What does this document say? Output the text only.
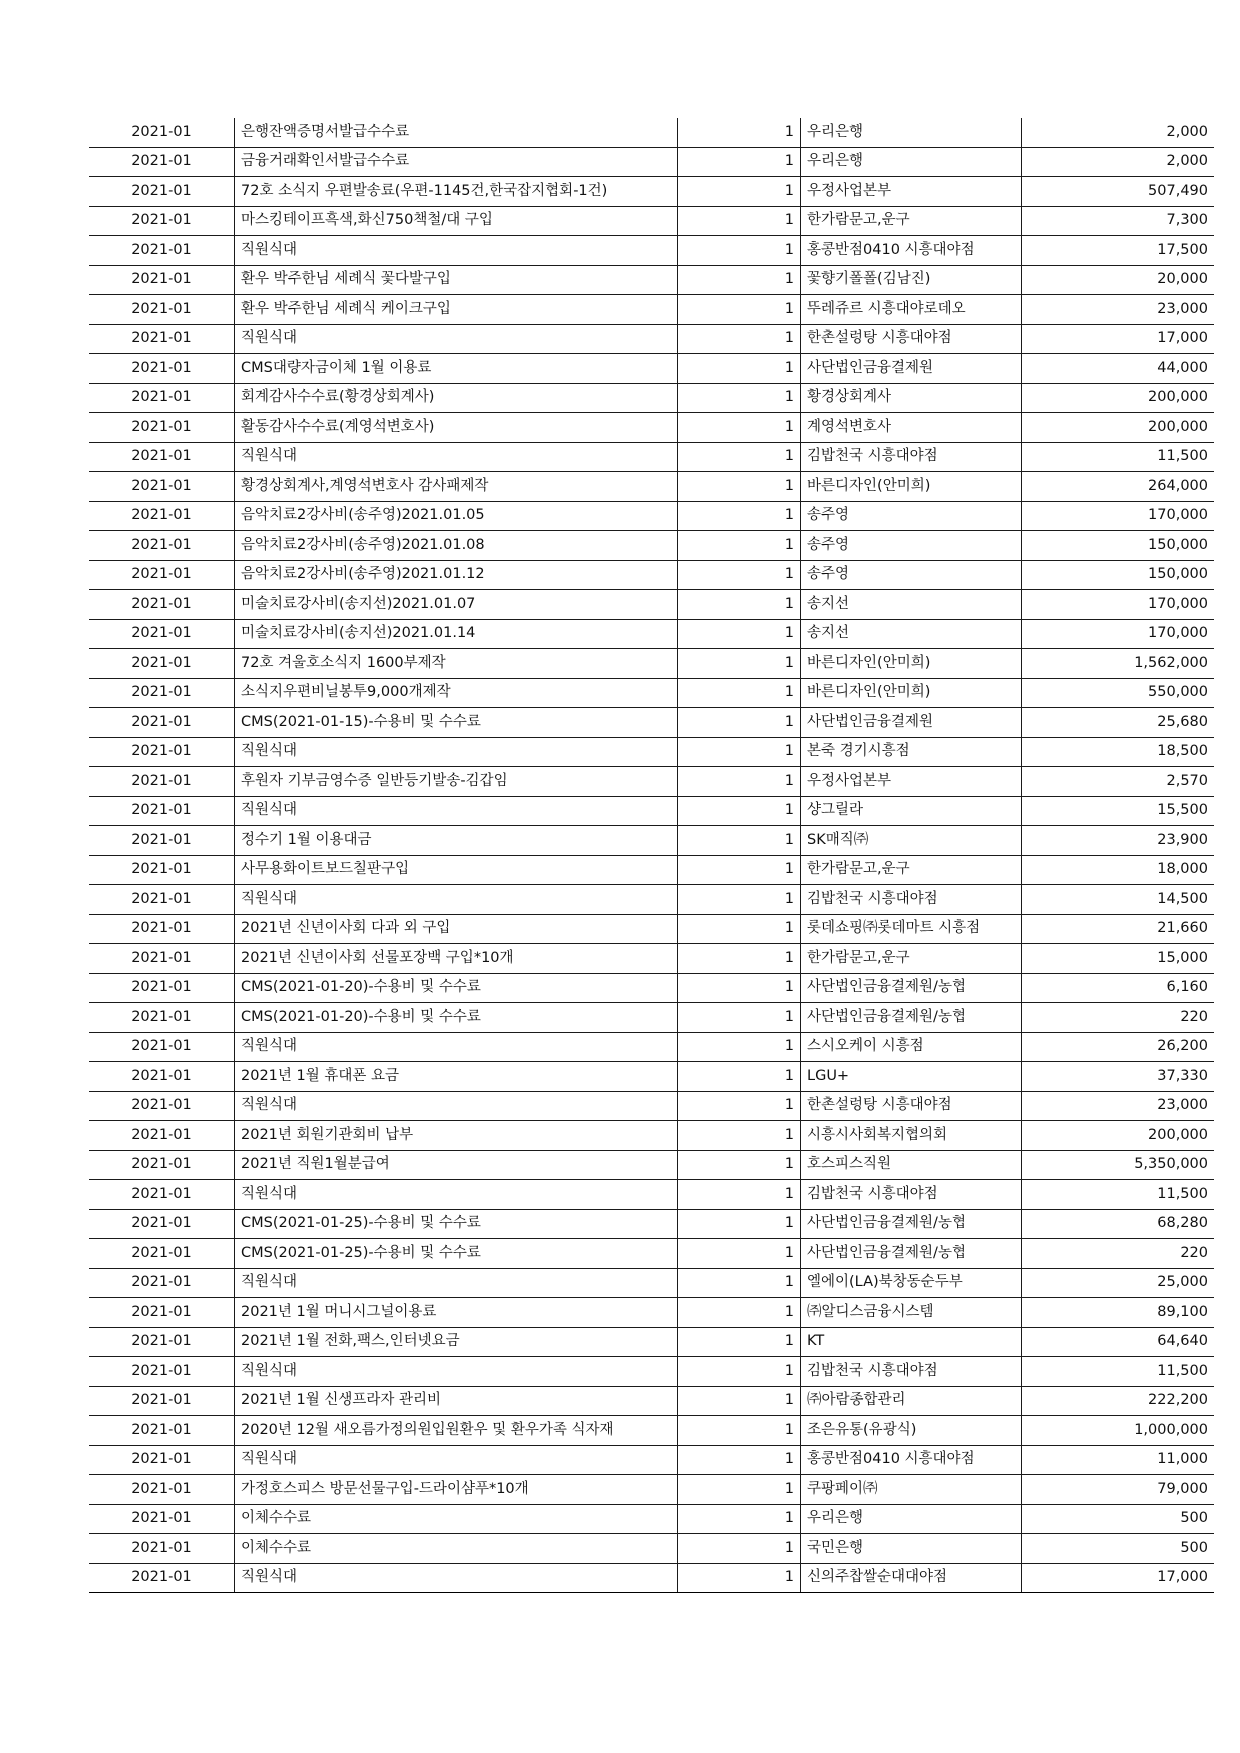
2021-01	은행잔액증명서발급수수료	1	우리은행	2,000
2021-01	금융거래확인서발급수수료	1	우리은행	2,000
2021-01	72호 소식지 우편발송료(우편-1145건,한국잡지협회-1건)	1	우정사업본부	507,490
2021-01	마스킹테이프흑색,화신750책철/대 구입	1	한가람문고,운구	7,300
2021-01	직원식대	1	홍콩반점0410 시흥대야점	17,500
2021-01	환우 박주한님 세례식 꽃다발구입	1	꽃향기폴폴(김남진)	20,000
2021-01	환우 박주한님 세례식 케이크구입	1	뚜레쥬르 시흥대야로데오	23,000
2021-01	직원식대	1	한촌설렁탕 시흥대야점	17,000
2021-01	CMS대량자금이체 1월 이용료	1	사단법인금융결제원	44,000
2021-01	회계감사수수료(황경상회계사)	1	황경상회계사	200,000
2021-01	활동감사수수료(계영석변호사)	1	계영석변호사	200,000
2021-01	직원식대	1	김밥천국 시흥대야점	11,500
2021-01	황경상회계사,계영석변호사 감사패제작	1	바른디자인(안미희)	264,000
2021-01	음악치료2강사비(송주영)2021.01.05	1	송주영	170,000
2021-01	음악치료2강사비(송주영)2021.01.08	1	송주영	150,000
2021-01	음악치료2강사비(송주영)2021.01.12	1	송주영	150,000
2021-01	미술치료강사비(송지선)2021.01.07	1	송지선	170,000
2021-01	미술치료강사비(송지선)2021.01.14	1	송지선	170,000
2021-01	72호 겨울호소식지 1600부제작	1	바른디자인(안미희)	1,562,000
2021-01	소식지우편비닐봉투9,000개제작	1	바른디자인(안미희)	550,000
2021-01	CMS(2021-01-15)-수용비 및 수수료	1	사단법인금융결제원	25,680
2021-01	직원식대	1	본죽 경기시흥점	18,500
2021-01	후원자 기부금영수증 일반등기발송-김갑임	1	우정사업본부	2,570
2021-01	직원식대	1	샹그릴라	15,500
2021-01	정수기 1월 이용대금	1	SK매직㈜	23,900
2021-01	사무용화이트보드칠판구입	1	한가람문고,운구	18,000
2021-01	직원식대	1	김밥천국 시흥대야점	14,500
2021-01	2021년 신년이사회 다과 외 구입	1	롯데쇼핑㈜롯데마트 시흥점	21,660
2021-01	2021년 신년이사회 선물포장백 구입*10개	1	한가람문고,운구	15,000
2021-01	CMS(2021-01-20)-수용비 및 수수료	1	사단법인금융결제원/농협	6,160
2021-01	CMS(2021-01-20)-수용비 및 수수료	1	사단법인금융결제원/농협	220
2021-01	직원식대	1	스시오케이 시흥점	26,200
2021-01	2021년 1월 휴대폰 요금	1	LGU+	37,330
2021-01	직원식대	1	한촌설렁탕 시흥대야점	23,000
2021-01	2021년 회원기관회비 납부	1	시흥시사회복지협의회	200,000
2021-01	2021년 직원1월분급여	1	호스피스직원	5,350,000
2021-01	직원식대	1	김밥천국 시흥대야점	11,500
2021-01	CMS(2021-01-25)-수용비 및 수수료	1	사단법인금융결제원/농협	68,280
2021-01	CMS(2021-01-25)-수용비 및 수수료	1	사단법인금융결제원/농협	220
2021-01	직원식대	1	엘에이(LA)북창동순두부	25,000
2021-01	2021년 1월 머니시그널이용료	1	㈜알디스금융시스템	89,100
2021-01	2021년 1월 전화,팩스,인터넷요금	1	KT	64,640
2021-01	직원식대	1	김밥천국 시흥대야점	11,500
2021-01	2021년 1월 신생프라자 관리비	1	㈜아람종합관리	222,200
2021-01	2020년 12월 새오름가정의원입원환우 및 환우가족 식자재	1	조은유통(유광식)	1,000,000
2021-01	직원식대	1	홍콩반점0410 시흥대야점	11,000
2021-01	가정호스피스 방문선물구입-드라이샴푸*10개	1	쿠팡페이㈜	79,000
2021-01	이체수수료	1	우리은행	500
2021-01	이체수수료	1	국민은행	500
2021-01	직원식대	1	신의주찹쌀순대대야점	17,000
